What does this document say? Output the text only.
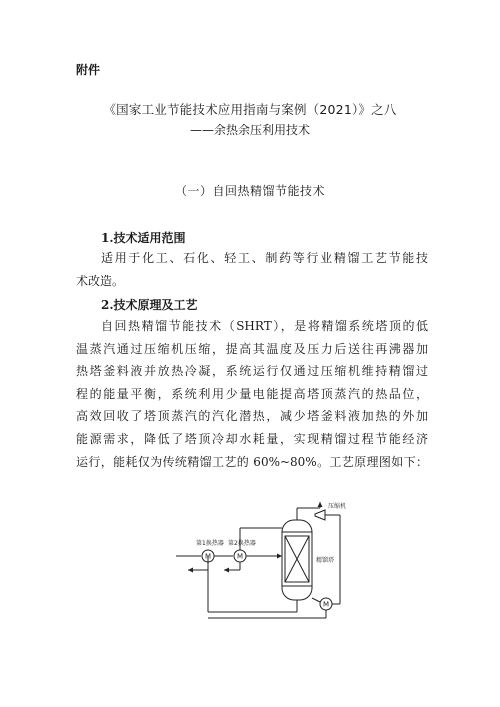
附件
《国家工业节能技术应用指南与案例（2021）》之八
——余热余压利用技术
（一）自回热精馏节能技术
1.技术适用范围
适用于化工、石化、轻工、制药等行业精馏工艺节能技
术改造。
2.技术原理及工艺
自回热精馏节能技术（SHRT），是将精馏系统塔顶的低
温蒸汽通过压缩机压缩，提高其温度及压力后送往再沸器加
热塔釜料液并放热冷凝，系统运行仅通过压缩机维持精馏过
程的能量平衡，系统利用少量电能提高塔顶蒸汽的热品位，
高效回收了塔顶蒸汽的汽化潜热，减少塔釜料液加热的外加
能源需求，降低了塔顶冷却水耗量，实现精馏过程节能经济
运行，能耗仅为传统精馏工艺的 60%~80%。工艺原理图如下：
第1换热器 第2换热器
压缩机
精馏塔
M	M
M
